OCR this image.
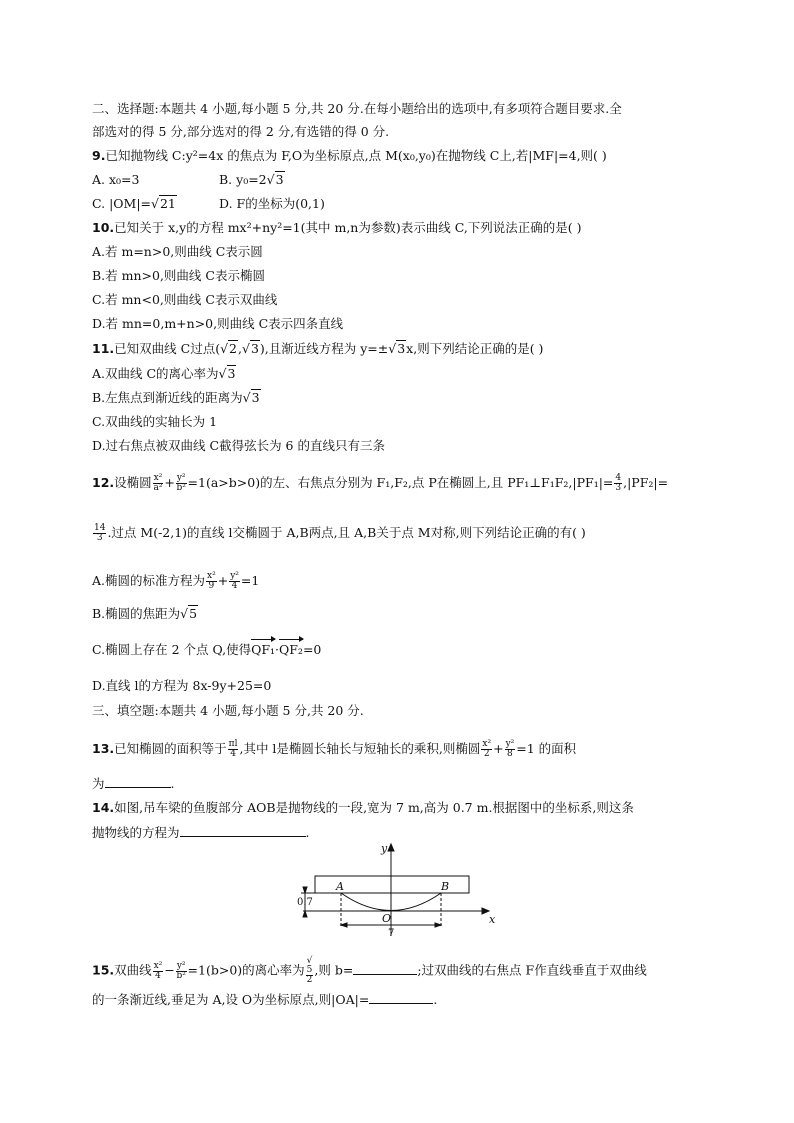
二、选择题:本题共 4 小题,每小题 5 分,共 20 分.在每小题给出的选项中,有多项符合题目要求.全
部选对的得 5 分,部分选对的得 2 分,有选错的得 0 分.
9.已知抛物线 C:y²=4x 的焦点为 F,O为坐标原点,点 M(x₀,y₀)在抛物线 C上,若|MF|=4,则( )
A. x₀=3	B. y₀=2√3
C. |OM|=√21	D. F的坐标为(0,1)
10.已知关于 x,y的方程 mx²+ny²=1(其中 m,n为参数)表示曲线 C,下列说法正确的是( )
A.若 m=n>0,则曲线 C表示圆
B.若 mn>0,则曲线 C表示椭圆
C.若 mn<0,则曲线 C表示双曲线
D.若 mn=0,m+n>0,则曲线 C表示四条直线
11.已知双曲线 C过点(√2,√3),且渐近线方程为 y=±√3x,则下列结论正确的是( )
A.双曲线 C的离心率为√3
B.左焦点到渐近线的距离为√3
C.双曲线的实轴长为 1
D.过右焦点被双曲线 C截得弦长为 6 的直线只有三条
12.设椭圆 $\frac{\text{x²}}{\text{a²}} + \frac{\text{y²}}{\text{b²}} =1(a>b>0)$的左、右焦点分别为 F₁,F₂,点 P在椭圆上,且 PF₁⊥F₁F₂,|PF₁|= $\frac{4}{3} ,|PF_2|=$
$\frac{14}{3}$ .过点 M(-2,1)的直线 l交椭圆于 A,B两点,且 A,B关于点 M对称,则下列结论正确的有( )
A.椭圆的标准方程为 $\frac{\text{x²}}{9} + \frac{\text{y²}}{4} =1$
B.椭圆的焦距为√5
C.椭圆上存在 2 个点 Q,使得QF₁·QF₂=0
D.直线 l的方程为 8x-9y+25=0
三、填空题:本题共 4 小题,每小题 5 分,共 20 分.
13.已知椭圆的面积等于 $\frac{\pi l}{4}$ ,其中 l是椭圆长轴长与短轴长的乘积,则椭圆 $\frac{\text{x²}}{2} + \frac{\text{y²}}{8} =1$ 的面积
为	.
14.如图,吊车梁的鱼腹部分 AOB是抛物线的一段,宽为 7 m,高为 0.7 m.根据图中的坐标系,则这条
抛物线的方程为	.
y
x
O
A	B
0.7
7
15.双曲线 $\frac{\text{x²}}{4} - \frac{\text{y²}}{\text{b²}} =1(b>0)$的离心率为 √
5
2 ,则 b=	;过双曲线的右焦点 F作直线垂直于双曲线
的一条渐近线,垂足为 A,设 O为坐标原点,则|OA|=	.
